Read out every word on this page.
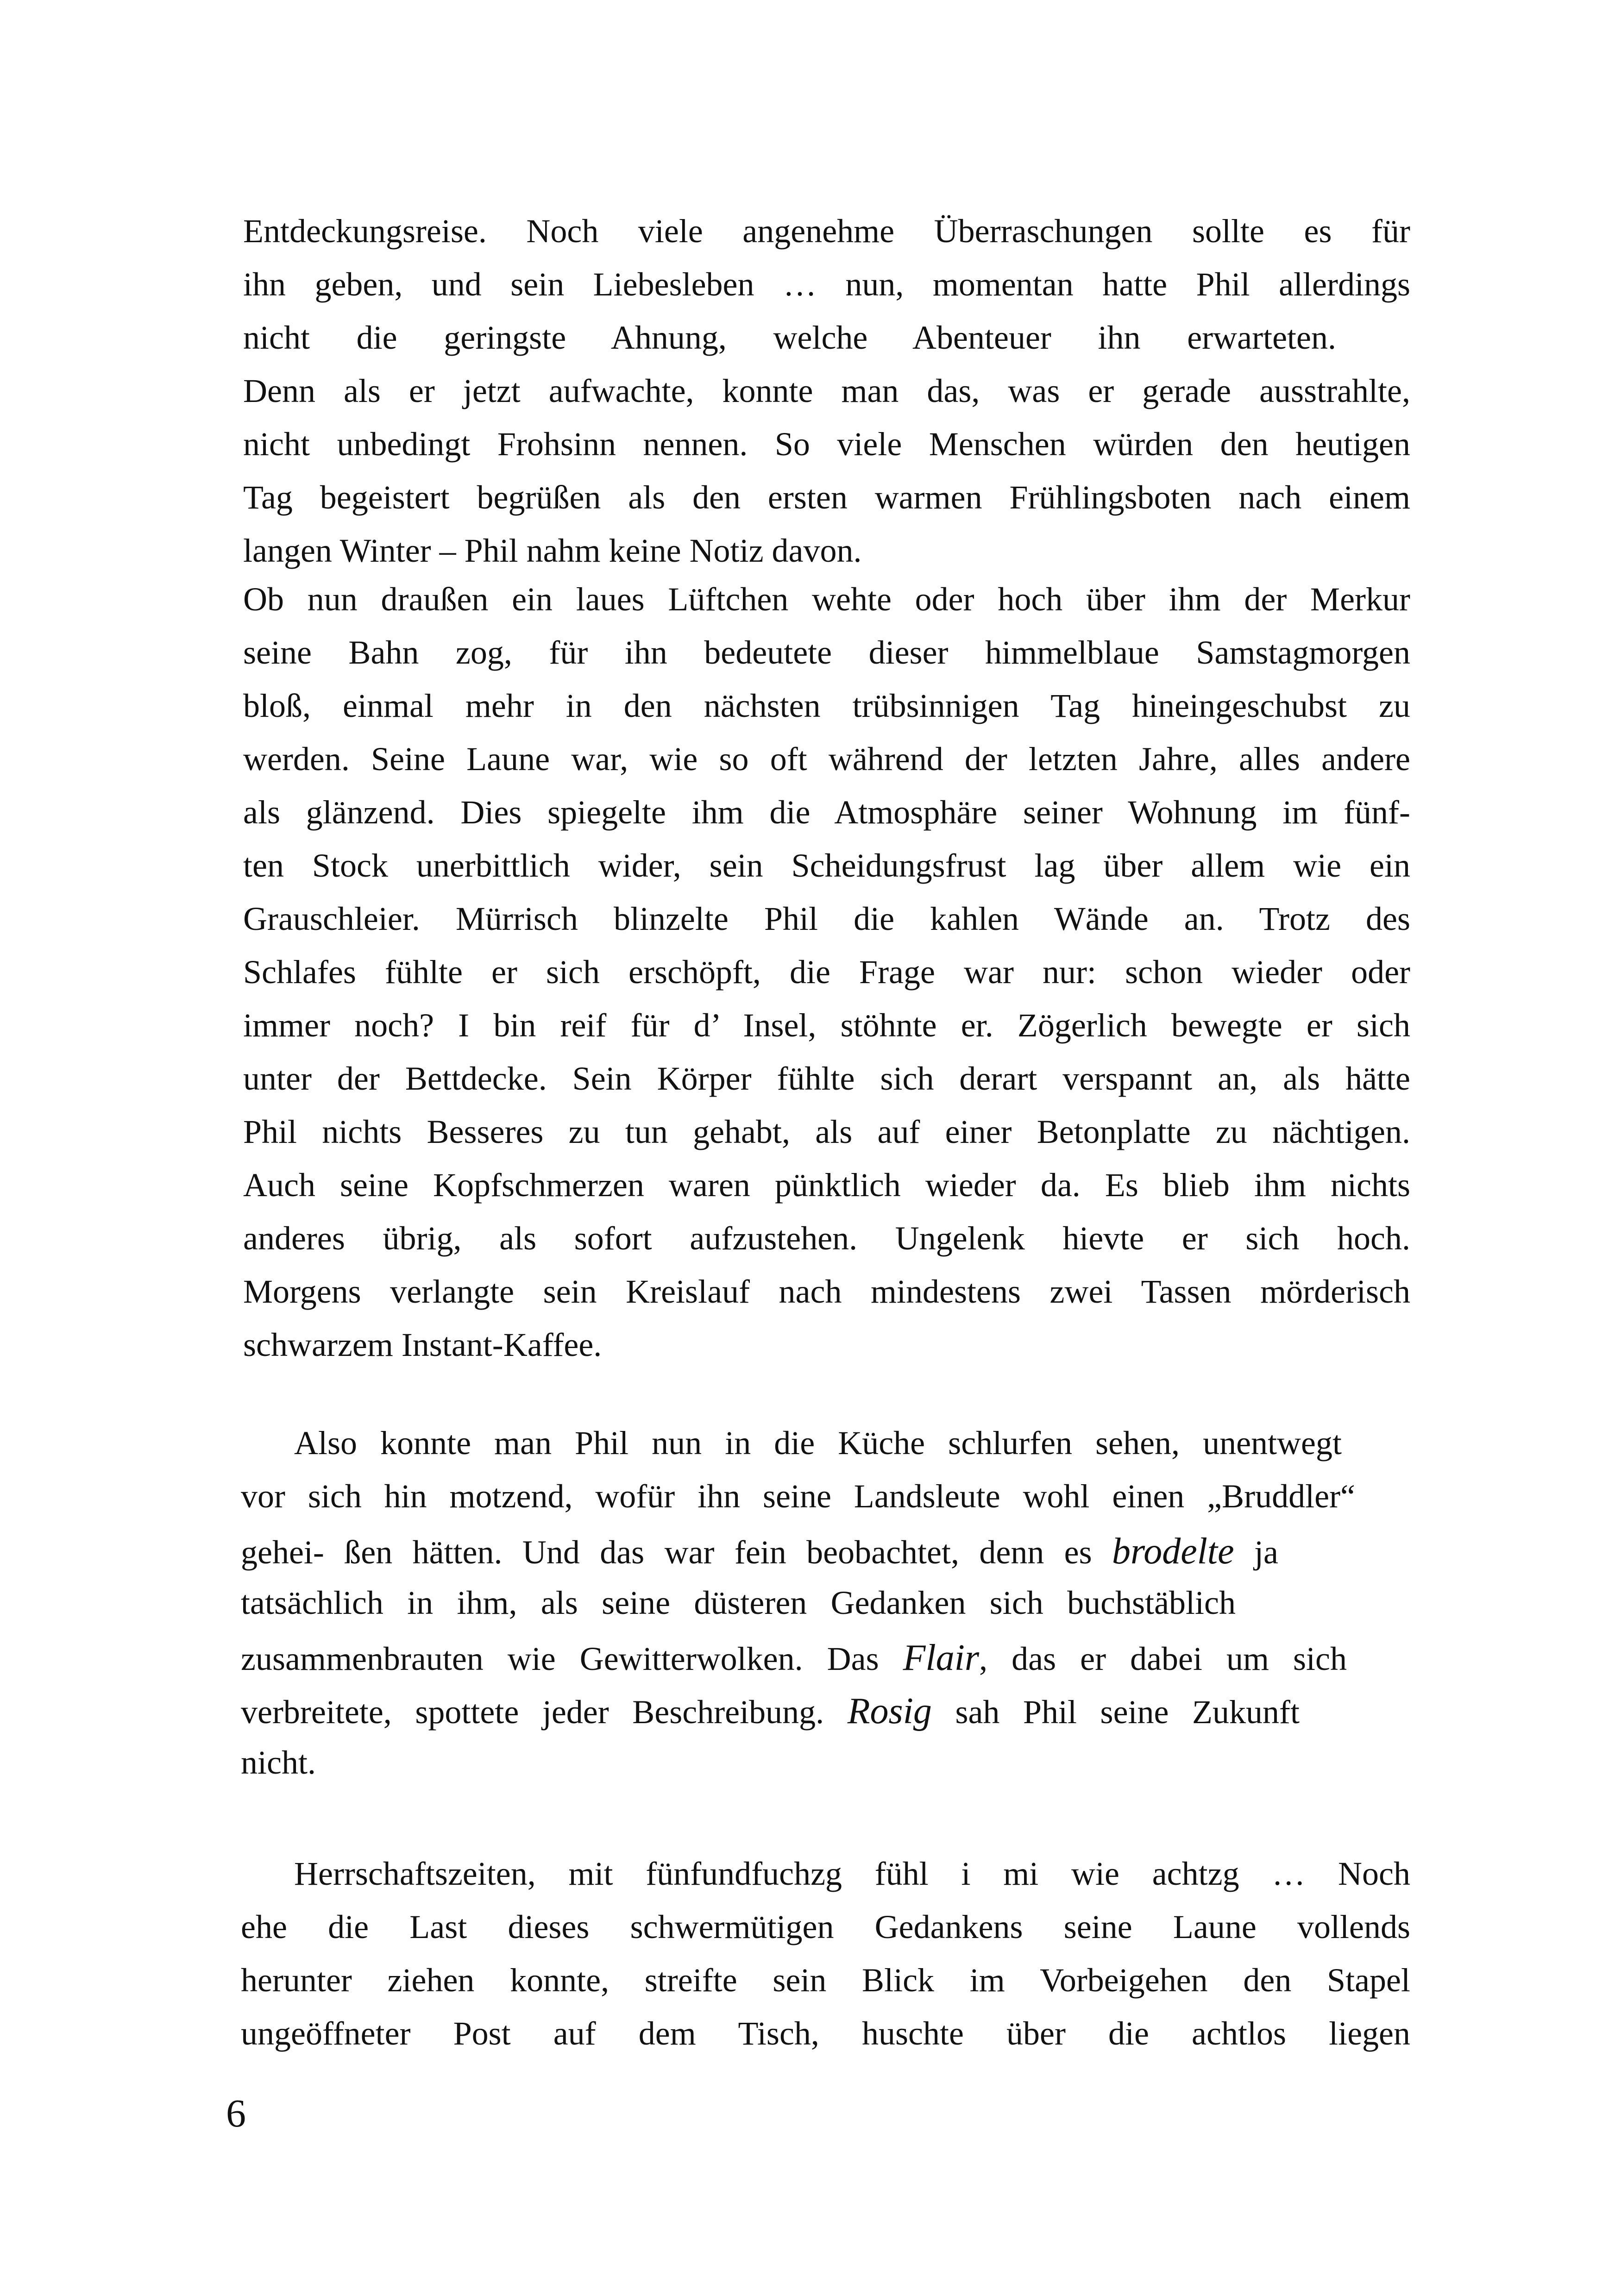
Entdeckungsreise. Noch viele angenehme Überraschungen sollte es für
ihn geben, und sein Liebesleben … nun, momentan hatte Phil allerdings
nicht die geringste Ahnung, welche Abenteuer ihn erwarteten.
Denn als er jetzt aufwachte, konnte man das, was er gerade ausstrahlte,
nicht unbedingt Frohsinn nennen. So viele Menschen würden den heutigen
Tag begeistert begrüßen als den ersten warmen Frühlingsboten nach einem
langen Winter – Phil nahm keine Notiz davon.
Ob nun draußen ein laues Lüftchen wehte oder hoch über ihm der Merkur
seine Bahn zog, für ihn bedeutete dieser himmelblaue Samstagmorgen
bloß, einmal mehr in den nächsten trübsinnigen Tag hineingeschubst zu
werden. Seine Laune war, wie so oft während der letzten Jahre, alles andere
als glänzend. Dies spiegelte ihm die Atmosphäre seiner Wohnung im fünf-
ten Stock unerbittlich wider, sein Scheidungsfrust lag über allem wie ein
Grauschleier. Mürrisch blinzelte Phil die kahlen Wände an. Trotz des
Schlafes fühlte er sich erschöpft, die Frage war nur: schon wieder oder
immer noch? I bin reif für d’ Insel, stöhnte er. Zögerlich bewegte er sich
unter der Bettdecke. Sein Körper fühlte sich derart verspannt an, als hätte
Phil nichts Besseres zu tun gehabt, als auf einer Betonplatte zu nächtigen.
Auch seine Kopfschmerzen waren pünktlich wieder da. Es blieb ihm nichts
anderes übrig, als sofort aufzustehen. Ungelenk hievte er sich hoch.
Morgens verlangte sein Kreislauf nach mindestens zwei Tassen mörderisch
schwarzem Instant-Kaffee.
Also konnte man Phil nun in die Küche schlurfen sehen, unentwegt
vor sich hin motzend, wofür ihn seine Landsleute wohl einen „Bruddler“
gehei- ßen hätten. Und das war fein beobachtet, denn es brodelte ja
tatsächlich in ihm, als seine düsteren Gedanken sich buchstäblich
zusammenbrauten wie Gewitterwolken. Das Flair, das er dabei um sich
verbreitete, spottete jeder Beschreibung. Rosig sah Phil seine Zukunft
nicht.
Herrschaftszeiten, mit fünfundfuchzg fühl i mi wie achtzg … Noch
ehe die Last dieses schwermütigen Gedankens seine Laune vollends
herunter ziehen konnte, streifte sein Blick im Vorbeigehen den Stapel
ungeöffneter Post auf dem Tisch, huschte über die achtlos liegen
6
